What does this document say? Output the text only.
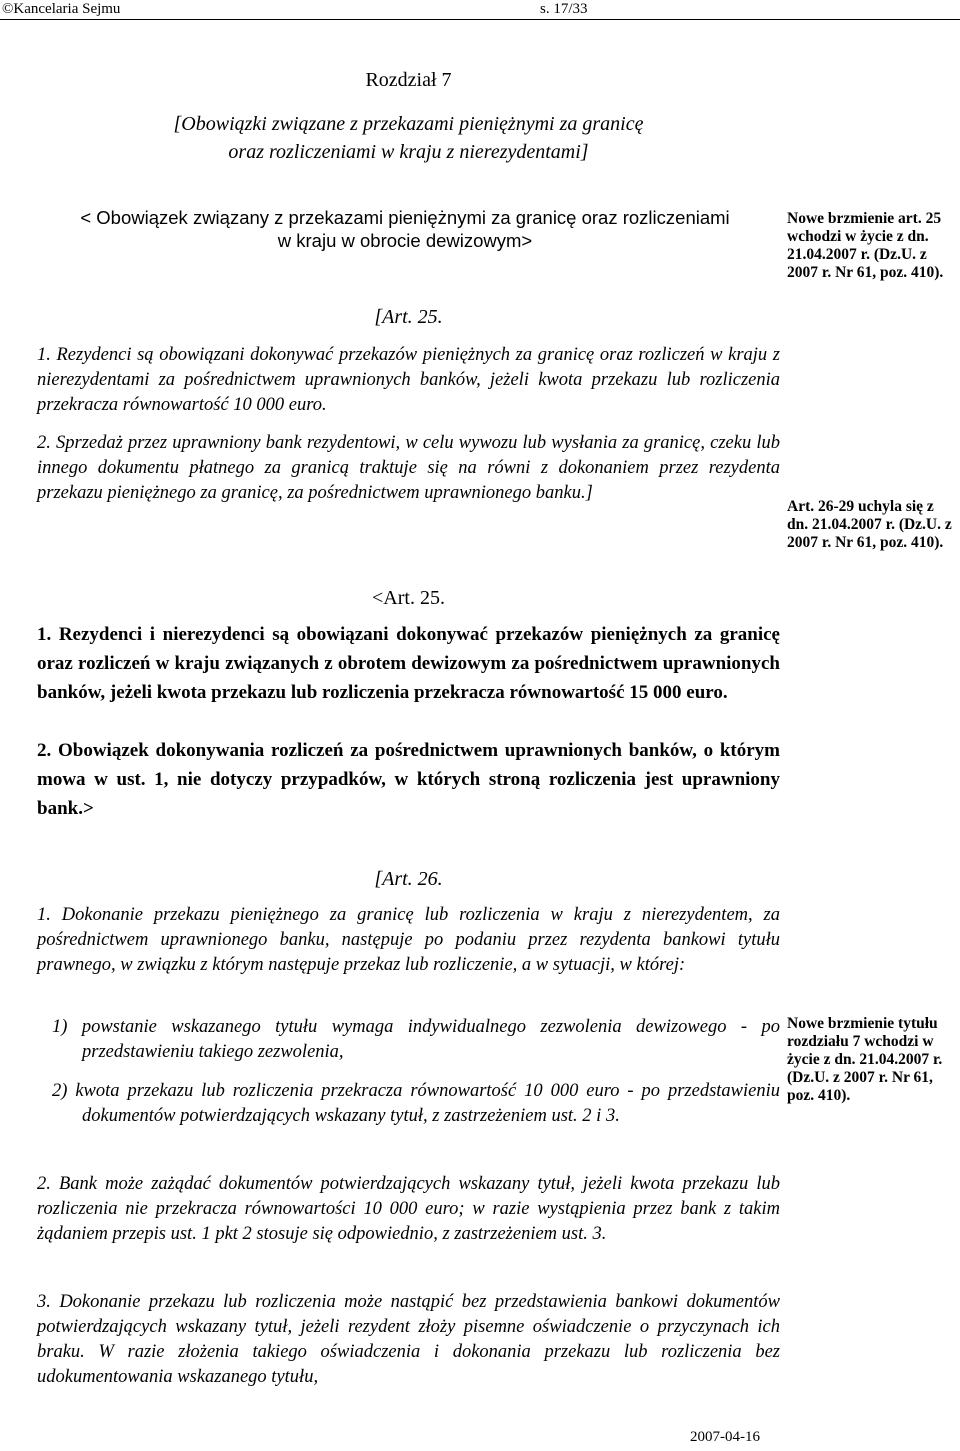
©Kancelaria Sejmu	s. 17/33
Rozdział 7
[Obowiązki związane z przekazami pieniężnymi za granicę
oraz rozliczeniami w kraju z nierezydentami]
< Obowiązek związany z przekazami pieniężnymi za granicę oraz rozliczeniami
w kraju w obrocie dewizowym>
[Art. 25.
1. Rezydenci są obowiązani dokonywać przekazów pieniężnych za granicę oraz rozliczeń w kraju z nierezydentami za pośrednictwem uprawnionych banków, jeżeli kwota przekazu lub rozliczenia przekracza równowartość 10 000 euro.
2. Sprzedaż przez uprawniony bank rezydentowi, w celu wywozu lub wysłania za granicę, czeku lub innego dokumentu płatnego za granicą traktuje się na równi z dokonaniem przez rezydenta przekazu pieniężnego za granicę, za pośrednictwem uprawnionego banku.]
<Art. 25.
1. Rezydenci i nierezydenci są obowiązani dokonywać przekazów pieniężnych za granicę oraz rozliczeń w kraju związanych z obrotem dewizowym za pośrednictwem uprawnionych banków, jeżeli kwota przekazu lub rozliczenia przekracza równowartość 15 000 euro.
2. Obowiązek dokonywania rozliczeń za pośrednictwem uprawnionych banków, o którym mowa w ust. 1, nie dotyczy przypadków, w których stroną rozliczenia jest uprawniony bank.>
[Art. 26.
1. Dokonanie przekazu pieniężnego za granicę lub rozliczenia w kraju z nierezydentem, za pośrednictwem uprawnionego banku, następuje po podaniu przez rezydenta bankowi tytułu prawnego, w związku z którym następuje przekaz lub rozliczenie, a w sytuacji, w której:
1) powstanie wskazanego tytułu wymaga indywidualnego zezwolenia dewizowego - po przedstawieniu takiego zezwolenia,
2) kwota przekazu lub rozliczenia przekracza równowartość 10 000 euro - po przedstawieniu dokumentów potwierdzających wskazany tytuł, z zastrzeżeniem ust. 2 i 3.
2. Bank może zażądać dokumentów potwierdzających wskazany tytuł, jeżeli kwota przekazu lub rozliczenia nie przekracza równowartości 10 000 euro; w razie wystąpienia przez bank z takim żądaniem przepis ust. 1 pkt 2 stosuje się odpowiednio, z zastrzeżeniem ust. 3.
3. Dokonanie przekazu lub rozliczenia może nastąpić bez przedstawienia bankowi dokumentów potwierdzających wskazany tytuł, jeżeli rezydent złoży pisemne oświadczenie o przyczynach ich braku. W razie złożenia takiego oświadczenia i dokonania przekazu lub rozliczenia bez udokumentowania wskazanego tytułu,
Nowe brzmienie art. 25 wchodzi w życie z dn. 21.04.2007 r. (Dz.U. z 2007 r. Nr 61, poz. 410).
Art. 26-29 uchyla się z dn. 21.04.2007 r. (Dz.U. z 2007 r. Nr 61, poz. 410).
Nowe brzmienie tytułu rozdziału 7 wchodzi w życie z dn. 21.04.2007 r. (Dz.U. z 2007 r. Nr 61, poz. 410).
2007-04-16
